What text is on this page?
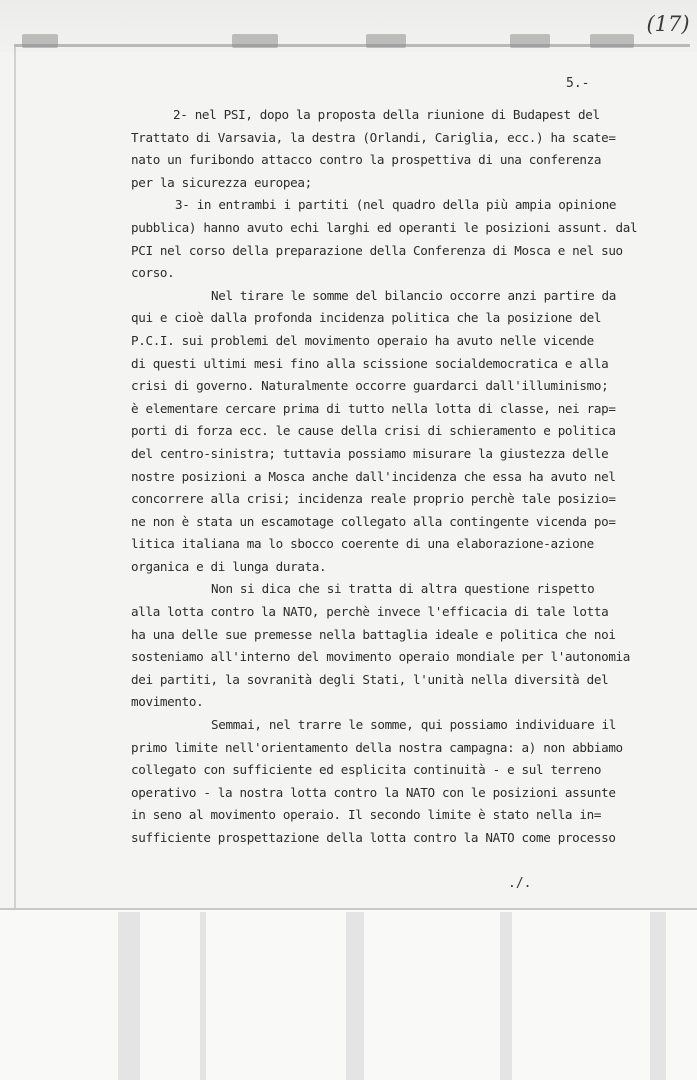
(17)
5.-
2- nel PSI, dopo la proposta della riunione di Budapest del
Trattato di Varsavia, la destra (Orlandi, Cariglia, ecc.) ha scate=
nato un furibondo attacco contro la prospettiva di una conferenza
per la sicurezza europea;
3- in entrambi i partiti (nel quadro della più ampia opinione
pubblica) hanno avuto echi larghi ed operanti le posizioni assunt. dal
PCI nel corso della preparazione della Conferenza di Mosca e nel suo
corso.
Nel tirare le somme del bilancio occorre anzi partire da
qui e cioè dalla profonda incidenza politica che la posizione del
P.C.I. sui problemi del movimento operaio ha avuto nelle vicende
di questi ultimi mesi fino alla scissione socialdemocratica e alla
crisi di governo. Naturalmente occorre guardarci dall'illuminismo;
è elementare cercare prima di tutto nella lotta di classe, nei rap=
porti di forza ecc. le cause della crisi di schieramento e politica
del centro-sinistra; tuttavia possiamo misurare la giustezza delle
nostre posizioni a Mosca anche dall'incidenza che essa ha avuto nel
concorrere alla crisi; incidenza reale proprio perchè tale posizio=
ne non è stata un escamotage collegato alla contingente vicenda po=
litica italiana ma lo sbocco coerente di una elaborazione-azione
organica e di lunga durata.
Non si dica che si tratta di altra questione rispetto
alla lotta contro la NATO, perchè invece l'efficacia di tale lotta
ha una delle sue premesse nella battaglia ideale e politica che noi
sosteniamo all'interno del movimento operaio mondiale per l'autonomia
dei partiti, la sovranità degli Stati, l'unità nella diversità del
movimento.
Semmai, nel trarre le somme, qui possiamo individuare il
primo limite nell'orientamento della nostra campagna: a) non abbiamo
collegato con sufficiente ed esplicita continuità - e sul terreno
operativo - la nostra lotta contro la NATO con le posizioni assunte
in seno al movimento operaio. Il secondo limite è stato nella in=
sufficiente prospettazione della lotta contro la NATO come processo
./.
